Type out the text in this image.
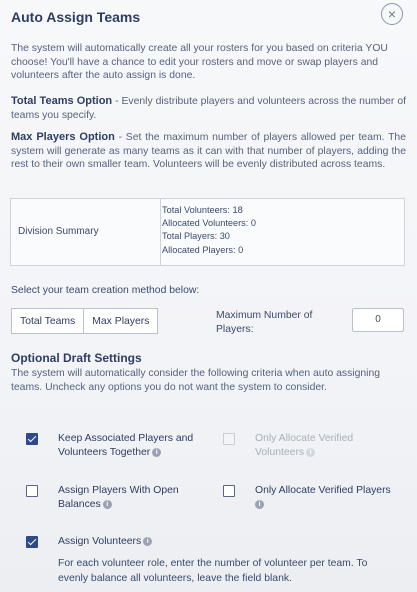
Auto Assign Teams	×
The system will automatically create all your rosters for you based on criteria YOU choose! You'll have a chance to edit your rosters and move or swap players and volunteers after the auto assign is done.
Total Teams Option - Evenly distribute players and volunteers across the number of teams you specify.
Max Players Option - Set the maximum number of players allowed per team. The system will generate as many teams as it can with that number of players, adding the rest to their own smaller team. Volunteers will be evenly distributed across teams.
Division Summary
Total Volunteers: 18
Allocated Volunteers: 0
Total Players: 30
Allocated Players: 0
Select your team creation method below:
Total Teams	Max Players	Maximum Number of Players:
0
Optional Draft Settings
The system will automatically consider the following criteria when auto assigning teams. Uncheck any options you do not want the system to consider.
Keep Associated Players and Volunteers Together i
Only Allocate Verified Volunteers i
Assign Players With Open Balances i
Only Allocate Verified Players
i
Assign Volunteers i
For each volunteer role, enter the number of volunteer per team. To evenly balance all volunteers, leave the field blank.
